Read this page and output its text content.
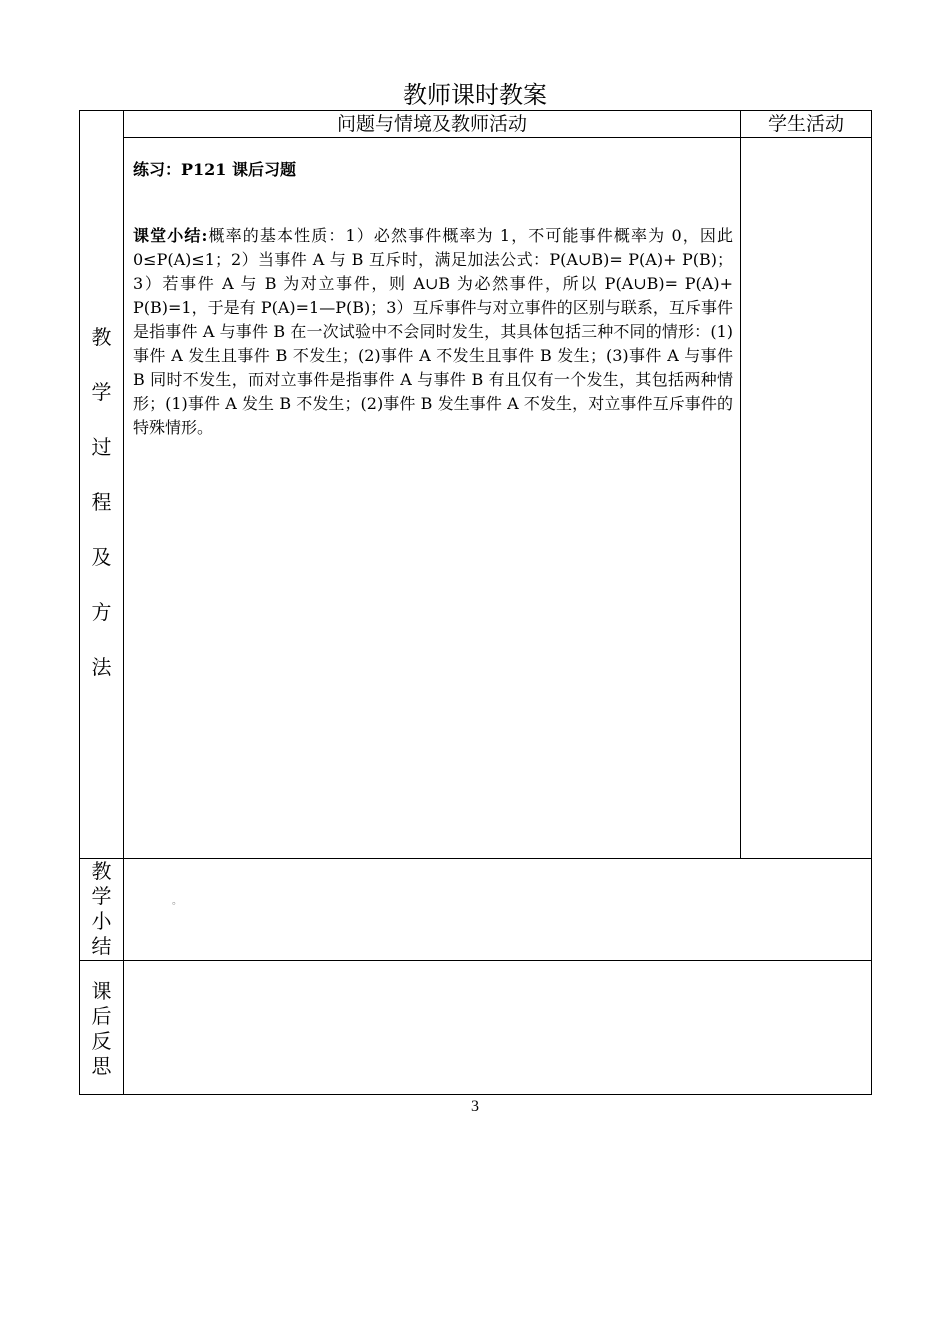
教师课时教案
问题与情境及教师活动	学生活动
教
学
过
程
及
方
法

练习：P121 课后习题

课堂小结:概率的基本性质：1）必然事件概率为 1，不可能事件概率为 0，因此 0≤P(A)≤1；2）当事件 A 与 B 互斥时，满足加法公式：P(A∪B)= P(A)+ P(B)；3）若事件 A 与 B 为对立事件，则 A∪B 为必然事件，所以 P(A∪B)= P(A)+ P(B)=1，于是有 P(A)=1—P(B)；3）互斥事件与对立事件的区别与联系，互斥事件是指事件 A 与事件 B 在一次试验中不会同时发生，其具体包括三种不同的情形：(1)事件 A 发生且事件 B 不发生；(2)事件 A 不发生且事件 B 发生；(3)事件 A 与事件 B 同时不发生，而对立事件是指事件 A 与事件 B 有且仅有一个发生，其包括两种情形；(1)事件 A 发生 B 不发生；(2)事件 B 发生事件 A 不发生，对立事件互斥事件的特殊情形。

教
学
小
结
课
后
反
思
。
3
